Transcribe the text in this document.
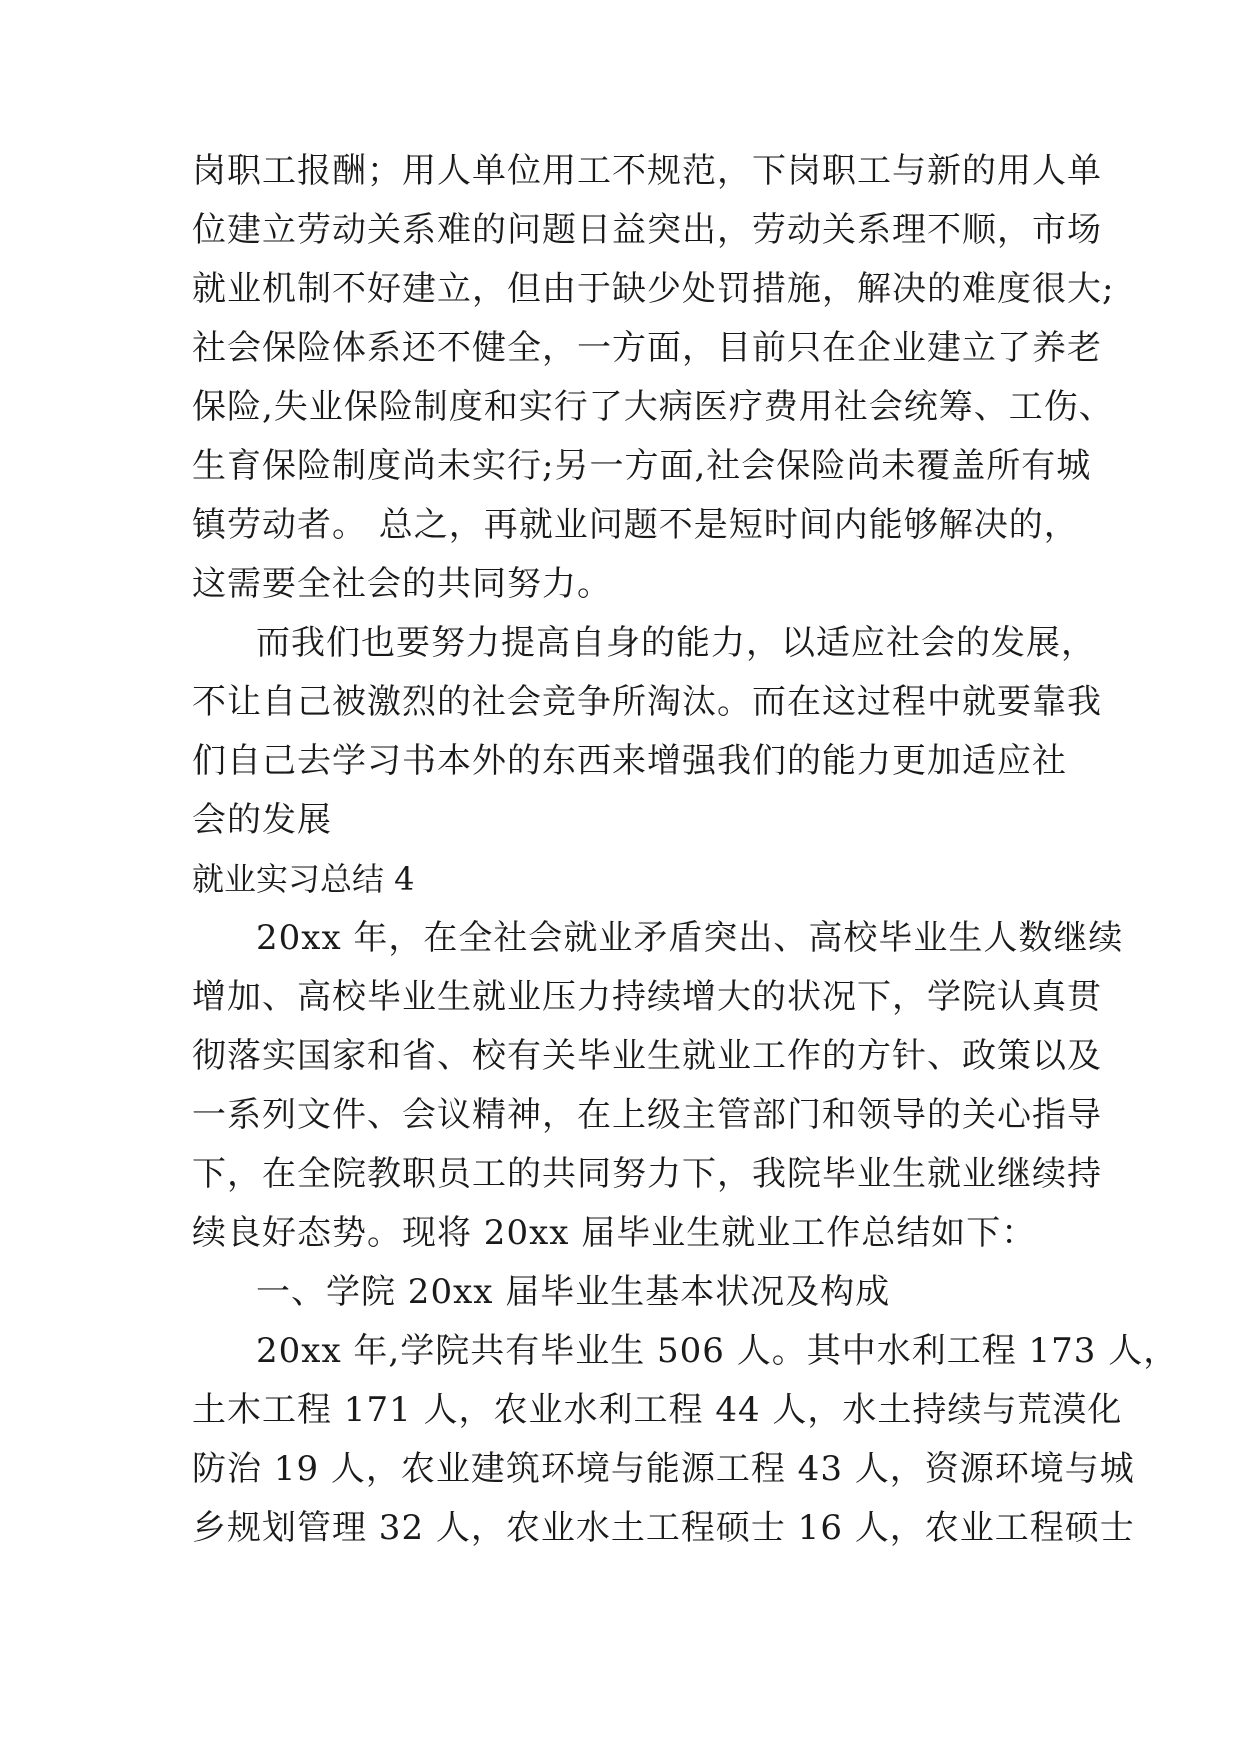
岗职工报酬；用人单位用工不规范，下岗职工与新的用人单
位建立劳动关系难的问题日益突出，劳动关系理不顺，市场
就业机制不好建立，但由于缺少处罚措施，解决的难度很大;
社会保险体系还不健全，一方面，目前只在企业建立了养老
保险,失业保险制度和实行了大病医疗费用社会统筹、工伤、
生育保险制度尚未实行;另一方面,社会保险尚未覆盖所有城
镇劳动者。 总之，再就业问题不是短时间内能够解决的，
这需要全社会的共同努力。
而我们也要努力提高自身的能力，以适应社会的发展，
不让自己被激烈的社会竞争所淘汰。而在这过程中就要靠我
们自己去学习书本外的东西来增强我们的能力更加适应社
会的发展
就业实习总结 4
20xx 年，在全社会就业矛盾突出、高校毕业生人数继续
增加、高校毕业生就业压力持续增大的状况下，学院认真贯
彻落实国家和省、校有关毕业生就业工作的方针、政策以及
一系列文件、会议精神，在上级主管部门和领导的关心指导
下，在全院教职员工的共同努力下，我院毕业生就业继续持
续良好态势。现将 20xx 届毕业生就业工作总结如下：
一、学院 20xx 届毕业生基本状况及构成
20xx 年,学院共有毕业生 506 人。其中水利工程 173 人，
土木工程 171 人，农业水利工程 44 人，水土持续与荒漠化
防治 19 人，农业建筑环境与能源工程 43 人，资源环境与城
乡规划管理 32 人，农业水土工程硕士 16 人，农业工程硕士
